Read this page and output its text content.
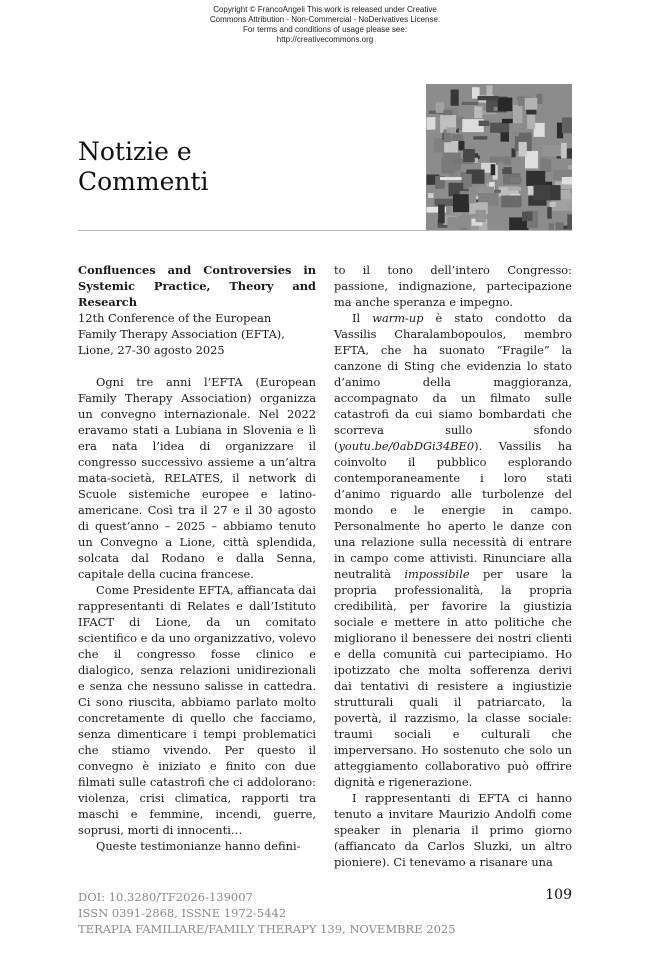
Copyright © FrancoAngeli This work is released under Creative
Commons Attribution - Non-Commercial - NoDerivatives License.
For terms and conditions of usage please see:
http://creativecommons.org
Notizie e
Commenti

Confluences and Controversies in Systemic Practice, Theory and Research
12th Conference of the European
Family Therapy Association (EFTA),
Lione, 27-30 agosto 2025

Ogni tre anni l’EFTA (European Family Therapy Association) organizza un convegno internazionale. Nel 2022 eravamo stati a Lubiana in Slovenia e lì era nata l’idea di organizzare il congresso successivo assieme a un’altra mata-società, RELATES, il network di Scuole sistemiche europee e latino-americane. Così tra il 27 e il 30 agosto di quest’anno – 2025 – abbiamo tenuto un Convegno a Lione, città splendida, solcata dal Rodano e dalla Senna, capitale della cucina francese.

Come Presidente EFTA, affiancata dai rappresentanti di Relates e dall’Istituto IFACT di Lione, da un comitato scientifico e da uno organizzativo, volevo che il congresso fosse clinico e dialogico, senza relazioni unidirezionali e senza che nessuno salisse in cattedra. Ci sono riuscita, abbiamo parlato molto concretamente di quello che facciamo, senza dimenticare i tempi problematici che stiamo vivendo. Per questo il convegno è iniziato e finito con due filmati sulle catastrofi che ci addolorano: violenza, crisi climatica, rapporti tra maschi e femmine, incendi, guerre, soprusi, morti di innocenti…

Queste testimonianze hanno defini-

to il tono dell’intero Congresso: passione, indignazione, partecipazione ma anche speranza e impegno.

Il warm-up è stato condotto da Vassilis Charalambopoulos, membro EFTA, che ha suonato “Fragile” la canzone di Sting che evidenzia lo stato d’animo della maggioranza, accompagnato da un filmato sulle catastrofi da cui siamo bombardati che scorreva sullo sfondo (youtu.be/0abDGi34BE0). Vassilis ha coinvolto il pubblico esplorando contemporaneamente i loro stati d’animo riguardo alle turbolenze del mondo e le energie in campo. Personalmente ho aperto le danze con una relazione sulla necessità di entrare in campo come attivisti. Rinunciare alla neutralità impossibile per usare la propria professionalità, la propria credibilità, per favorire la giustizia sociale e mettere in atto politiche che migliorano il benessere dei nostri clienti e della comunità cui partecipiamo. Ho ipotizzato che molta sofferenza derivi dai tentativi di resistere a ingiustizie strutturali quali il patriarcato, la povertà, il razzismo, la classe sociale: traumi sociali e culturali che imperversano. Ho sostenuto che solo un atteggiamento collaborativo può offrire dignità e rigenerazione.

I rappresentanti di EFTA ci hanno tenuto a invitare Maurizio Andolfi come speaker in plenaria il primo giorno (affiancato da Carlos Sluzki, un altro pioniere). Ci tenevamo a risanare una

DOI: 10.3280/TF2026-139007
ISSN 0391-2868, ISSNE 1972-5442
TERAPIA FAMILIARE/FAMILY THERAPY 139, NOVEMBRE 2025
109
